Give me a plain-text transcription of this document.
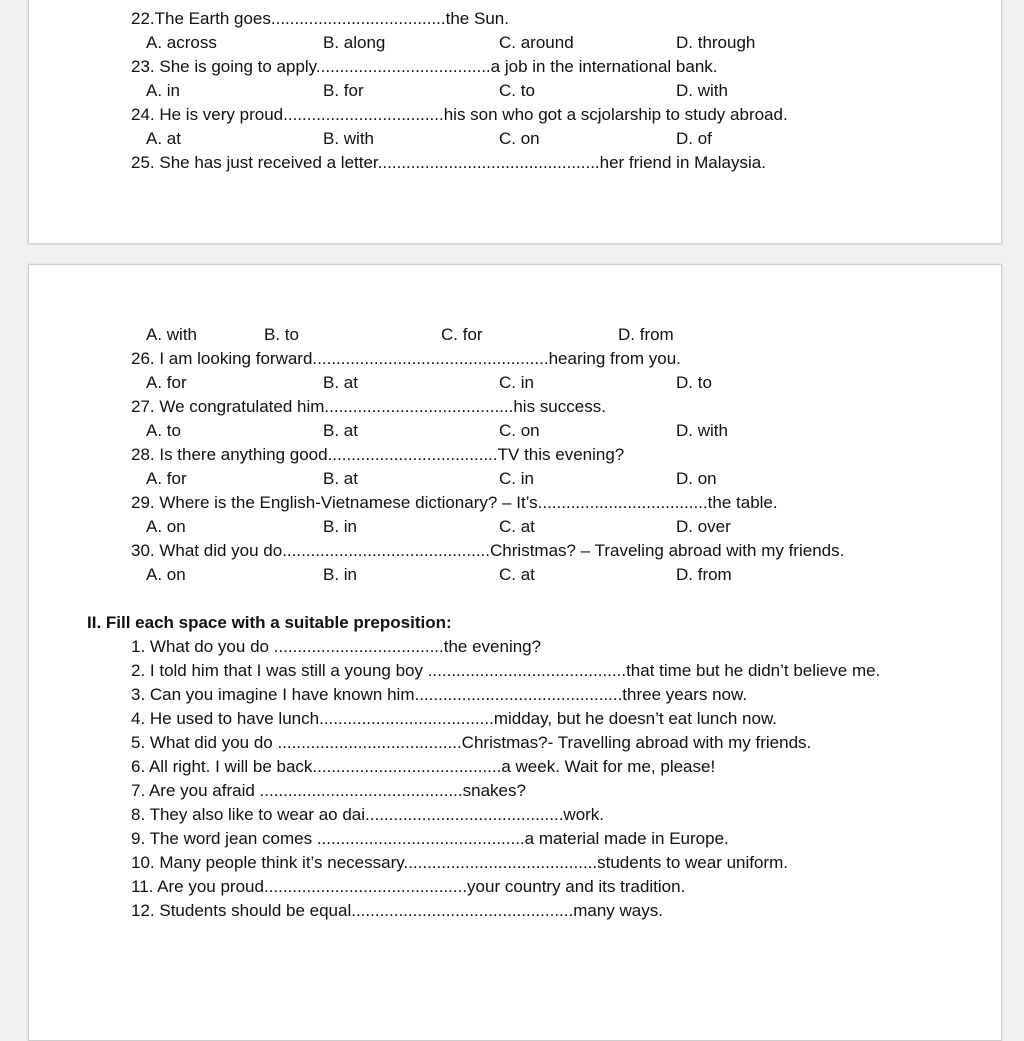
22.The Earth goes.....................................the Sun.
A. across	B. along	C. around	D. through
23. She is going to apply.....................................a job in the international bank.
A. in	B. for	C. to	D. with
24. He is very proud..................................his son who got a scjolarship to study abroad.
A. at	B. with	C. on	D. of
25. She has just received a letter...............................................her friend in Malaysia.
A. with	B. to	C. for	D. from
26. I am looking forward..................................................hearing from you.
A. for	B. at	C. in	D. to
27. We congratulated him........................................his success.
A. to	B. at	C. on	D. with
28. Is there anything good....................................TV this evening?
A. for	B. at	C. in	D. on
29. Where is the English-Vietnamese dictionary? – It’s....................................the table.
A. on	B. in	C. at	D. over
30. What did you do............................................Christmas? – Traveling abroad with my friends.
A. on	B. in	C. at	D. from
II. Fill each space with a suitable preposition:
1. What do you do ....................................the evening?
2. I told him that I was still a young boy ..........................................that time but he didn’t believe me.
3. Can you imagine I have known him............................................three years now.
4. He used to have lunch.....................................midday, but he doesn’t eat lunch now.
5. What did you do .......................................Christmas?- Travelling abroad with my friends.
6. All right. I will be back........................................a week. Wait for me, please!
7. Are you afraid ...........................................snakes?
8. They also like to wear ao dai..........................................work.
9. The word jean comes ............................................a material made in Europe.
10. Many people think it’s necessary.........................................students to wear uniform.
11. Are you proud...........................................your country and its tradition.
12. Students should be equal...............................................many ways.
